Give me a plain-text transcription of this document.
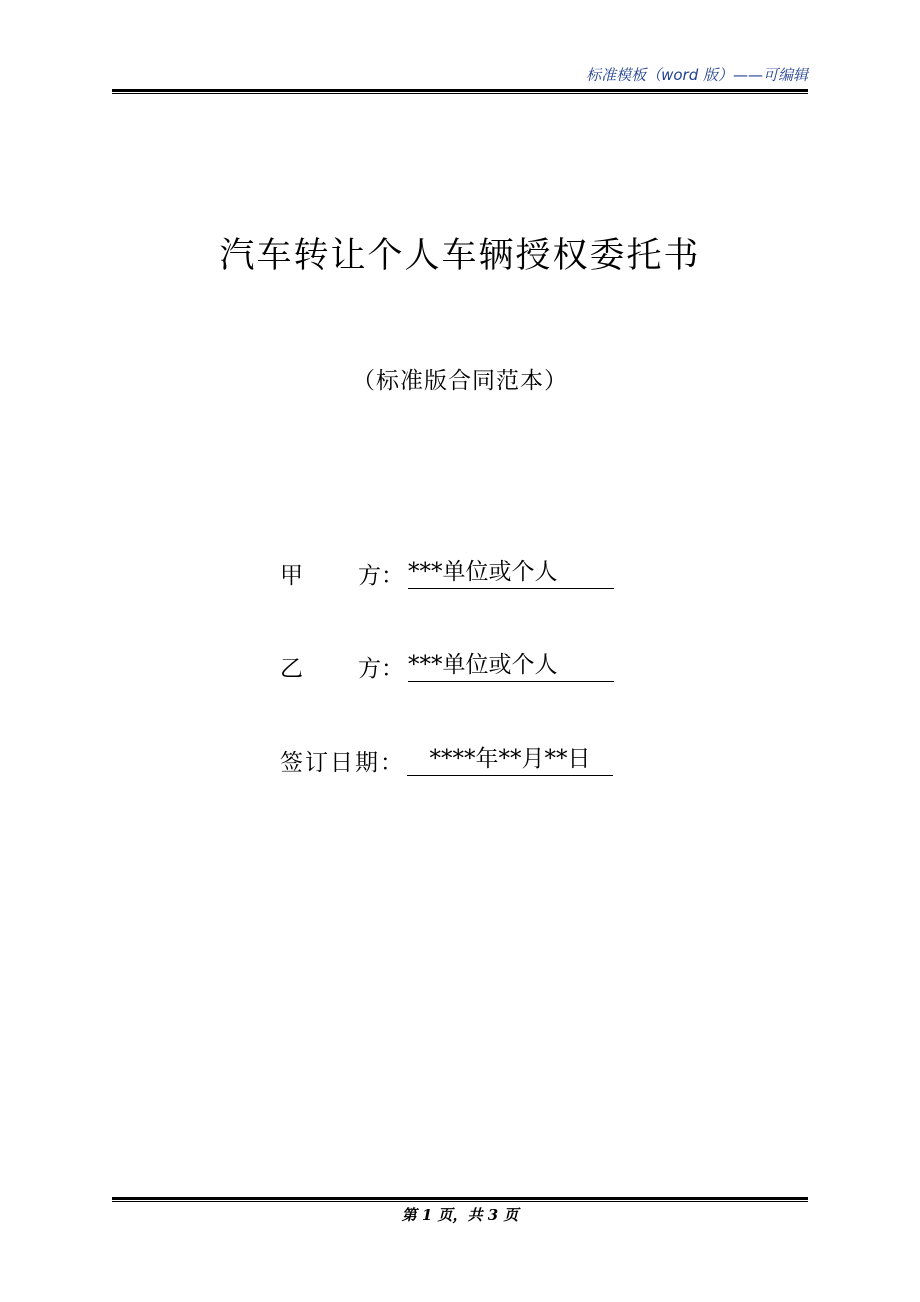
标准模板（word 版）——可编辑
汽车转让个人车辆授权委托书
（标准版合同范本）
甲 方： ***单位或个人
乙 方： ***单位或个人
签订日期：	****年**月**日
第 1 页，共 3 页
